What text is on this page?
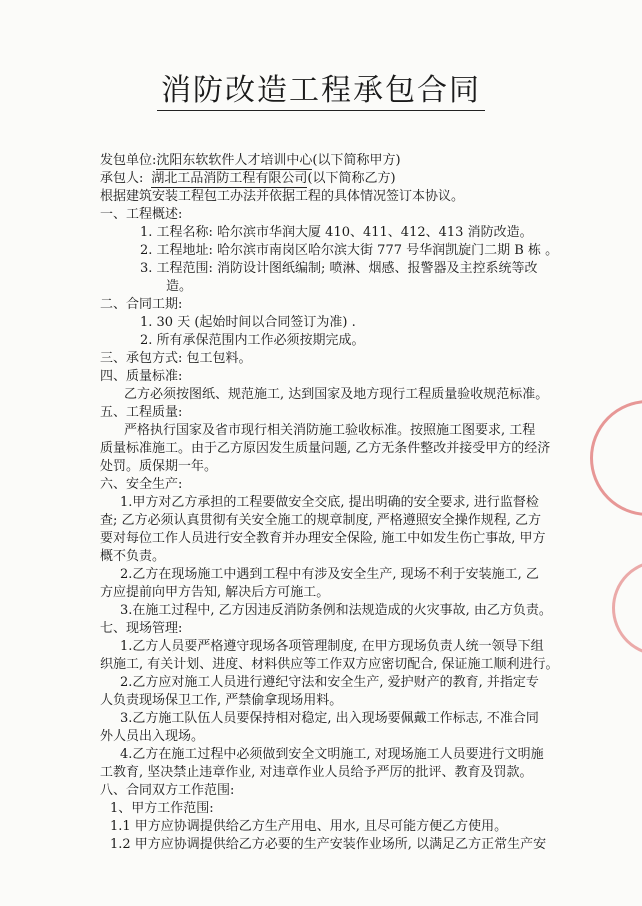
消防改造工程承包合同
发包单位:沈阳东软软件人才培训中心(以下简称甲方)
承包人: 湖北工品消防工程有限公司(以下简称乙方)
根据建筑安装工程包工办法并依据工程的具体情况签订本协议。
一、工程概述:
1. 工程名称: 哈尔滨市华润大厦 410、411、412、413 消防改造。
2. 工程地址: 哈尔滨市南岗区哈尔滨大街 777 号华润凯旋门二期 B 栋 。
3. 工程范围: 消防设计图纸编制; 喷淋、烟感、报警器及主控系统等改
造。
二、合同工期:
1. 30 天 (起始时间以合同签订为准) .
2. 所有承保范围内工作必须按期完成。
三、承包方式: 包工包料。
四、质量标准:
乙方必须按图纸、规范施工, 达到国家及地方现行工程质量验收规范标准。
五、工程质量:
严格执行国家及省市现行相关消防施工验收标准。按照施工图要求, 工程
质量标准施工。由于乙方原因发生质量问题, 乙方无条件整改并接受甲方的经济
处罚。质保期一年。
六、安全生产:
1.甲方对乙方承担的工程要做安全交底, 提出明确的安全要求, 进行监督检
查; 乙方必须认真贯彻有关安全施工的规章制度, 严格遵照安全操作规程, 乙方
要对每位工作人员进行安全教育并办理安全保险, 施工中如发生伤亡事故, 甲方
概不负责。
2.乙方在现场施工中遇到工程中有涉及安全生产, 现场不利于安装施工, 乙
方应提前向甲方告知, 解决后方可施工。
3.在施工过程中, 乙方因违反消防条例和法规造成的火灾事故, 由乙方负责。
七、现场管理:
1.乙方人员要严格遵守现场各项管理制度, 在甲方现场负责人统一领导下组
织施工, 有关计划、进度、材料供应等工作双方应密切配合, 保证施工顺利进行。
2.乙方应对施工人员进行遵纪守法和安全生产, 爱护财产的教育, 并指定专
人负责现场保卫工作, 严禁偷拿现场用料。
3.乙方施工队伍人员要保持相对稳定, 出入现场要佩戴工作标志, 不准合同
外人员出入现场。
4.乙方在施工过程中必须做到安全文明施工, 对现场施工人员要进行文明施
工教育, 坚决禁止违章作业, 对违章作业人员给予严厉的批评、教育及罚款。
八、合同双方工作范围:
1、甲方工作范围:
1.1 甲方应协调提供给乙方生产用电、用水, 且尽可能方便乙方使用。
1.2 甲方应协调提供给乙方必要的生产安装作业场所, 以满足乙方正常生产安
